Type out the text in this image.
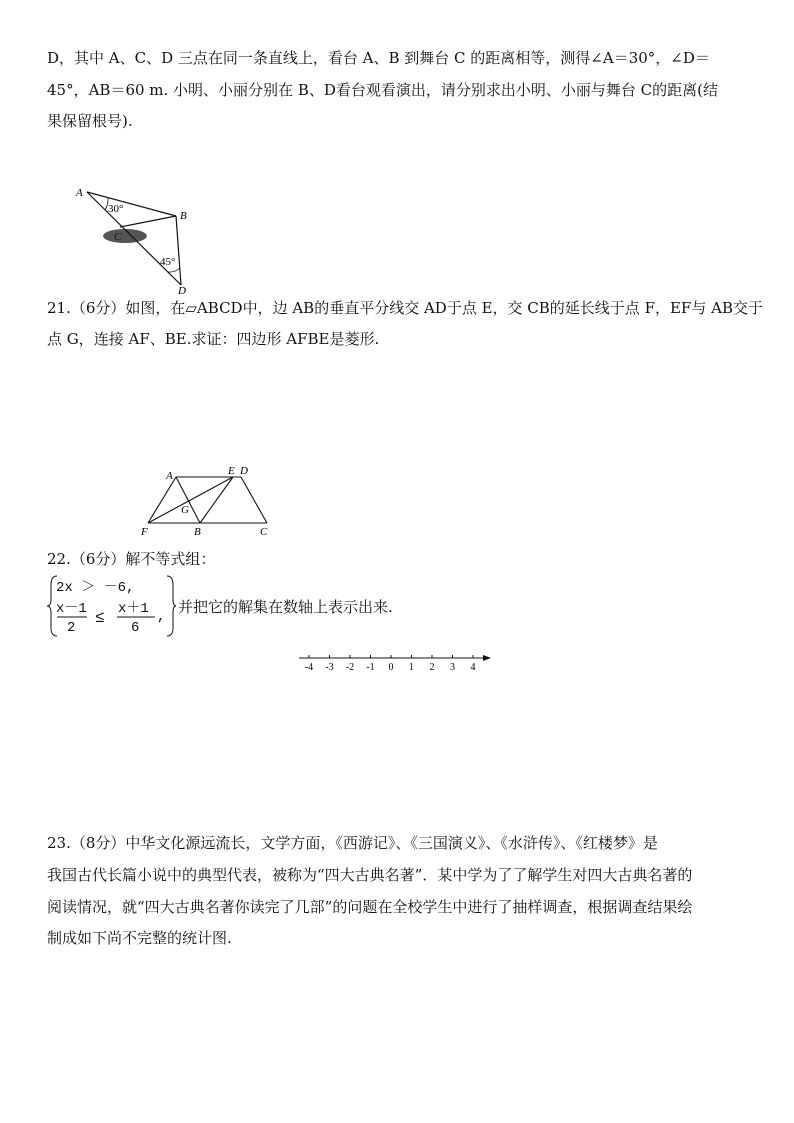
D，其中 A、C、D 三点在同一条直线上，看台 A、B 到舞台 C 的距离相等，测得∠A＝30°，∠D＝
45°，AB＝60 m. 小明、小丽分别在 B、D看台观看演出，请分别求出小明、小丽与舞台 C的距离(结
果保留根号).
A
B
C
D
30°
45°
21.（6分）如图，在▱ABCD中，边 AB的垂直平分线交 AD于点 E，交 CB的延长线于点 F，EF与 AB交于
点 G，连接 AF、BE.求证：四边形 AFBE是菱形.
A	E D
G
F	B	C
22.（6分）解不等式组：
2x ＞ －6,
x－1
2
≤ x＋1
6
,
并把它的解集在数轴上表示出来.
-4 -3 -2 -1 0 1 2 3 4
23.（8分）中华文化源远流长，文学方面，《西游记》、《三国演义》、《水浒传》、《红楼梦》是
我国古代长篇小说中的典型代表，被称为“四大古典名著”．某中学为了了解学生对四大古典名著的
阅读情况，就“四大古典名著你读完了几部”的问题在全校学生中进行了抽样调查，根据调查结果绘
制成如下尚不完整的统计图.
